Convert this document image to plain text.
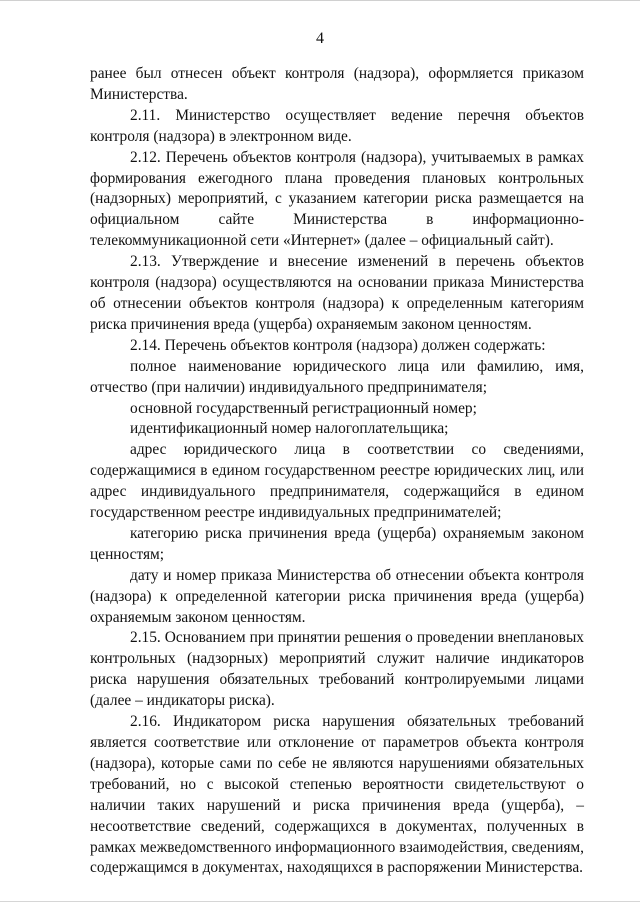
4

ранее был отнесен объект контроля (надзора), оформляется приказом Министерства.

2.11. Министерство осуществляет ведение перечня объектов контроля (надзора) в электронном виде.

2.12. Перечень объектов контроля (надзора), учитываемых в рамках формирования ежегодного плана проведения плановых контрольных (надзорных) мероприятий, с указанием категории риска размещается на официальном сайте Министерства в информационно-телекоммуникационной сети «Интернет» (далее – официальный сайт).

2.13. Утверждение и внесение изменений в перечень объектов контроля (надзора) осуществляются на основании приказа Министерства об отнесении объектов контроля (надзора) к определенным категориям риска причинения вреда (ущерба) охраняемым законом ценностям.

2.14. Перечень объектов контроля (надзора) должен содержать:

полное наименование юридического лица или фамилию, имя, отчество (при наличии) индивидуального предпринимателя;

основной государственный регистрационный номер;

идентификационный номер налогоплательщика;

адрес юридического лица в соответствии со сведениями, содержащимися в едином государственном реестре юридических лиц, или адрес индивидуального предпринимателя, содержащийся в едином государственном реестре индивидуальных предпринимателей;

категорию риска причинения вреда (ущерба) охраняемым законом ценностям;

дату и номер приказа Министерства об отнесении объекта контроля (надзора) к определенной категории риска причинения вреда (ущерба) охраняемым законом ценностям.

2.15. Основанием при принятии решения о проведении внеплановых контрольных (надзорных) мероприятий служит наличие индикаторов риска нарушения обязательных требований контролируемыми лицами (далее – индикаторы риска).

2.16. Индикатором риска нарушения обязательных требований является соответствие или отклонение от параметров объекта контроля (надзора), которые сами по себе не являются нарушениями обязательных требований, но с высокой степенью вероятности свидетельствуют о наличии таких нарушений и риска причинения вреда (ущерба), – несоответствие сведений, содержащихся в документах, полученных в рамках межведомственного информационного взаимодействия, сведениям, содержащимся в документах, находящихся в распоряжении Министерства.
